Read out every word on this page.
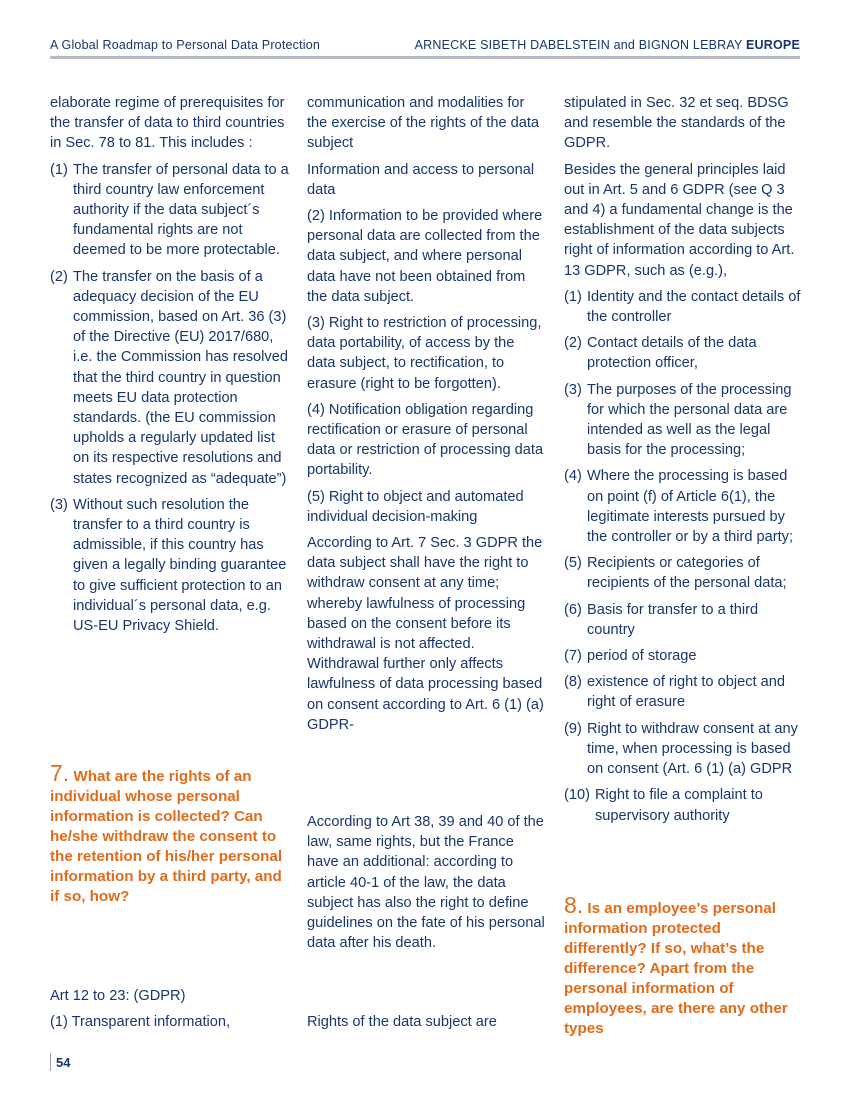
A Global Roadmap to Personal Data Protection	ARNECKE SIBETH DABELSTEIN and BIGNON LEBRAY EUROPE

elaborate regime of prerequisites for the transfer of data to third countries in Sec. 78 to 81. This includes :

(1) The transfer of personal data to a third country law enforcement authority if the data subject´s fundamental rights are not deemed to be more protectable.
(2) The transfer on the basis of a adequacy decision of the EU commission, based on Art. 36 (3) of the Directive (EU) 2017/680, i.e. the Commission has resolved that the third country in question meets EU data protection standards. (the EU commission upholds a regularly updated list on its respective resolutions and states recognized as “adequate”)
(3) Without such resolution the transfer to a third country is admissible, if this country has given a legally binding guarantee to give sufficient protection to an individual´s personal data, e.g. US-EU Privacy Shield.

7. What are the rights of an individual whose personal information is collected? Can he/she withdraw the consent to the retention of his/her personal information by a third party, and if so, how?

Art 12 to 23: (GDPR)

(1) Transparent information,

communication and modalities for the exercise of the rights of the data subject

Information and access to personal data

(2) Information to be provided where personal data are collected from the data subject, and where personal data have not been obtained from the data subject.

(3) Right to restriction of processing, data portability, of access by the data subject, to rectification, to erasure (right to be forgotten).

(4) Notification obligation regarding rectification or erasure of personal data or restriction of processing data portability.

(5) Right to object and automated individual decision-making

According to Art. 7 Sec. 3 GDPR the data subject shall have the right to withdraw consent at any time; whereby lawfulness of processing based on the consent before its withdrawal is not affected. Withdrawal further only affects lawfulness of data processing based on consent according to Art. 6 (1) (a) GDPR-

According to Art 38, 39 and 40 of the law, same rights, but the France have an additional: according to article 40-1 of the law, the data subject has also the right to define guidelines on the fate of his personal data after his death.

Rights of the data subject are

stipulated in Sec. 32 et seq. BDSG and resemble the standards of the GDPR.

Besides the general principles laid out in Art. 5 and 6 GDPR (see Q 3 and 4) a fundamental change is the establishment of the data subjects right of information according to Art. 13 GDPR, such as (e.g.),

(1) Identity and the contact details of the controller
(2) Contact details of the data protection officer,
(3) The purposes of the processing for which the personal data are intended as well as the legal basis for the processing;
(4) Where the processing is based on point (f) of Article 6(1), the legitimate interests pursued by the controller or by a third party;
(5) Recipients or categories of recipients of the personal data;
(6) Basis for transfer to a third country
(7) period of storage
(8) existence of right to object and right of erasure
(9) Right to withdraw consent at any time, when processing is based on consent (Art. 6 (1) (a) GDPR
(10) Right to file a complaint to supervisory authority

8. Is an employee’s personal information protected differently? If so, what’s the difference? Apart from the personal information of employees, are there any other types

54
